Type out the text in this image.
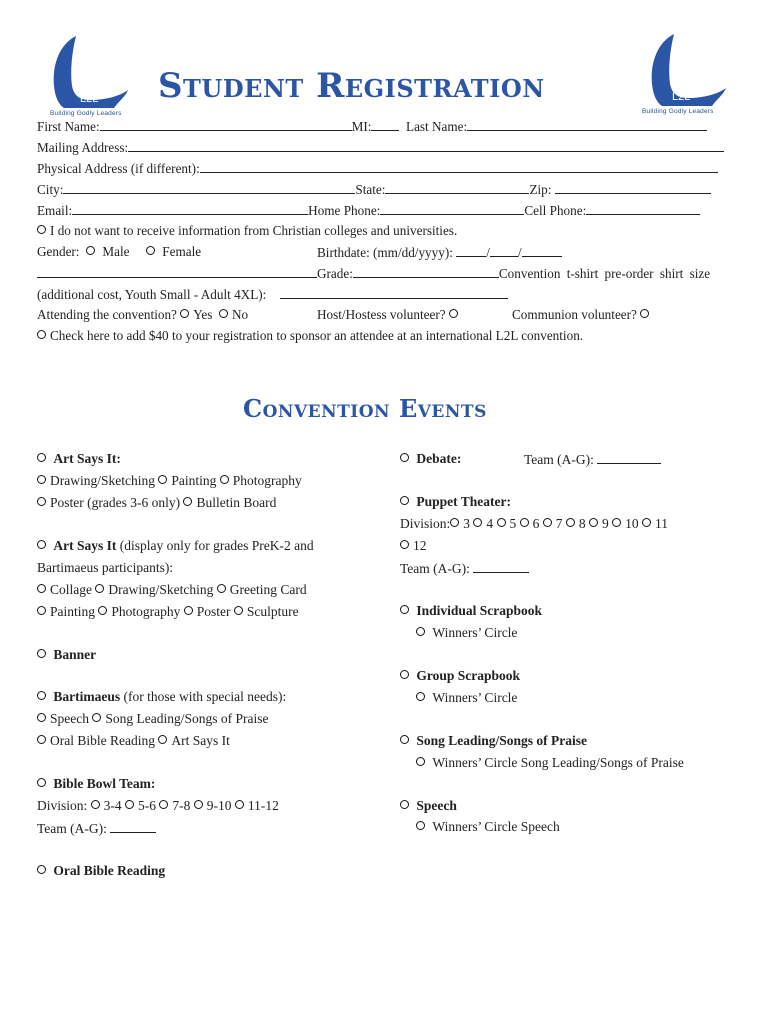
L2L
Building Godly Leaders
L2L
Building Godly Leaders
Student Registration
First Name:	MI:	Last Name:
Mailing Address:
Physical Address (if different):
City:	State:	Zip:
Email:	Home Phone:	Cell Phone:
I do not want to receive information from Christian colleges and universities.
Gender: Male Female	Birthdate: (mm/dd/yyyy):	/ /
Grade:	Convention t-shirt pre-order shirt size
(additional cost, Youth Small - Adult 4XL):
Attending the convention? Yes No	Host/Hostess volunteer?	Communion volunteer?
Check here to add $40 to your registration to sponsor an attendee at an international L2L convention.
Convention Events
Art Says It:
Drawing/Sketching Painting Photography
Poster (grades 3-6 only) Bulletin Board
Art Says It (display only for grades PreK-2 and
Bartimaeus participants):
Collage Drawing/Sketching Greeting Card
Painting Photography Poster Sculpture
Banner
Bartimaeus (for those with special needs):
Speech Song Leading/Songs of Praise
Oral Bible Reading Art Says It
Bible Bowl Team:
Division: 3-4 5-6 7-8 9-10 11-12
Team (A-G):
Oral Bible Reading
Debate:	Team (A-G):
Puppet Theater:
Division: 3 4 5 6 7 8 9 10 11
12
Team (A-G):
Individual Scrapbook
Winners’ Circle
Group Scrapbook
Winners’ Circle
Song Leading/Songs of Praise
Winners’ Circle Song Leading/Songs of Praise
Speech
Winners’ Circle Speech
